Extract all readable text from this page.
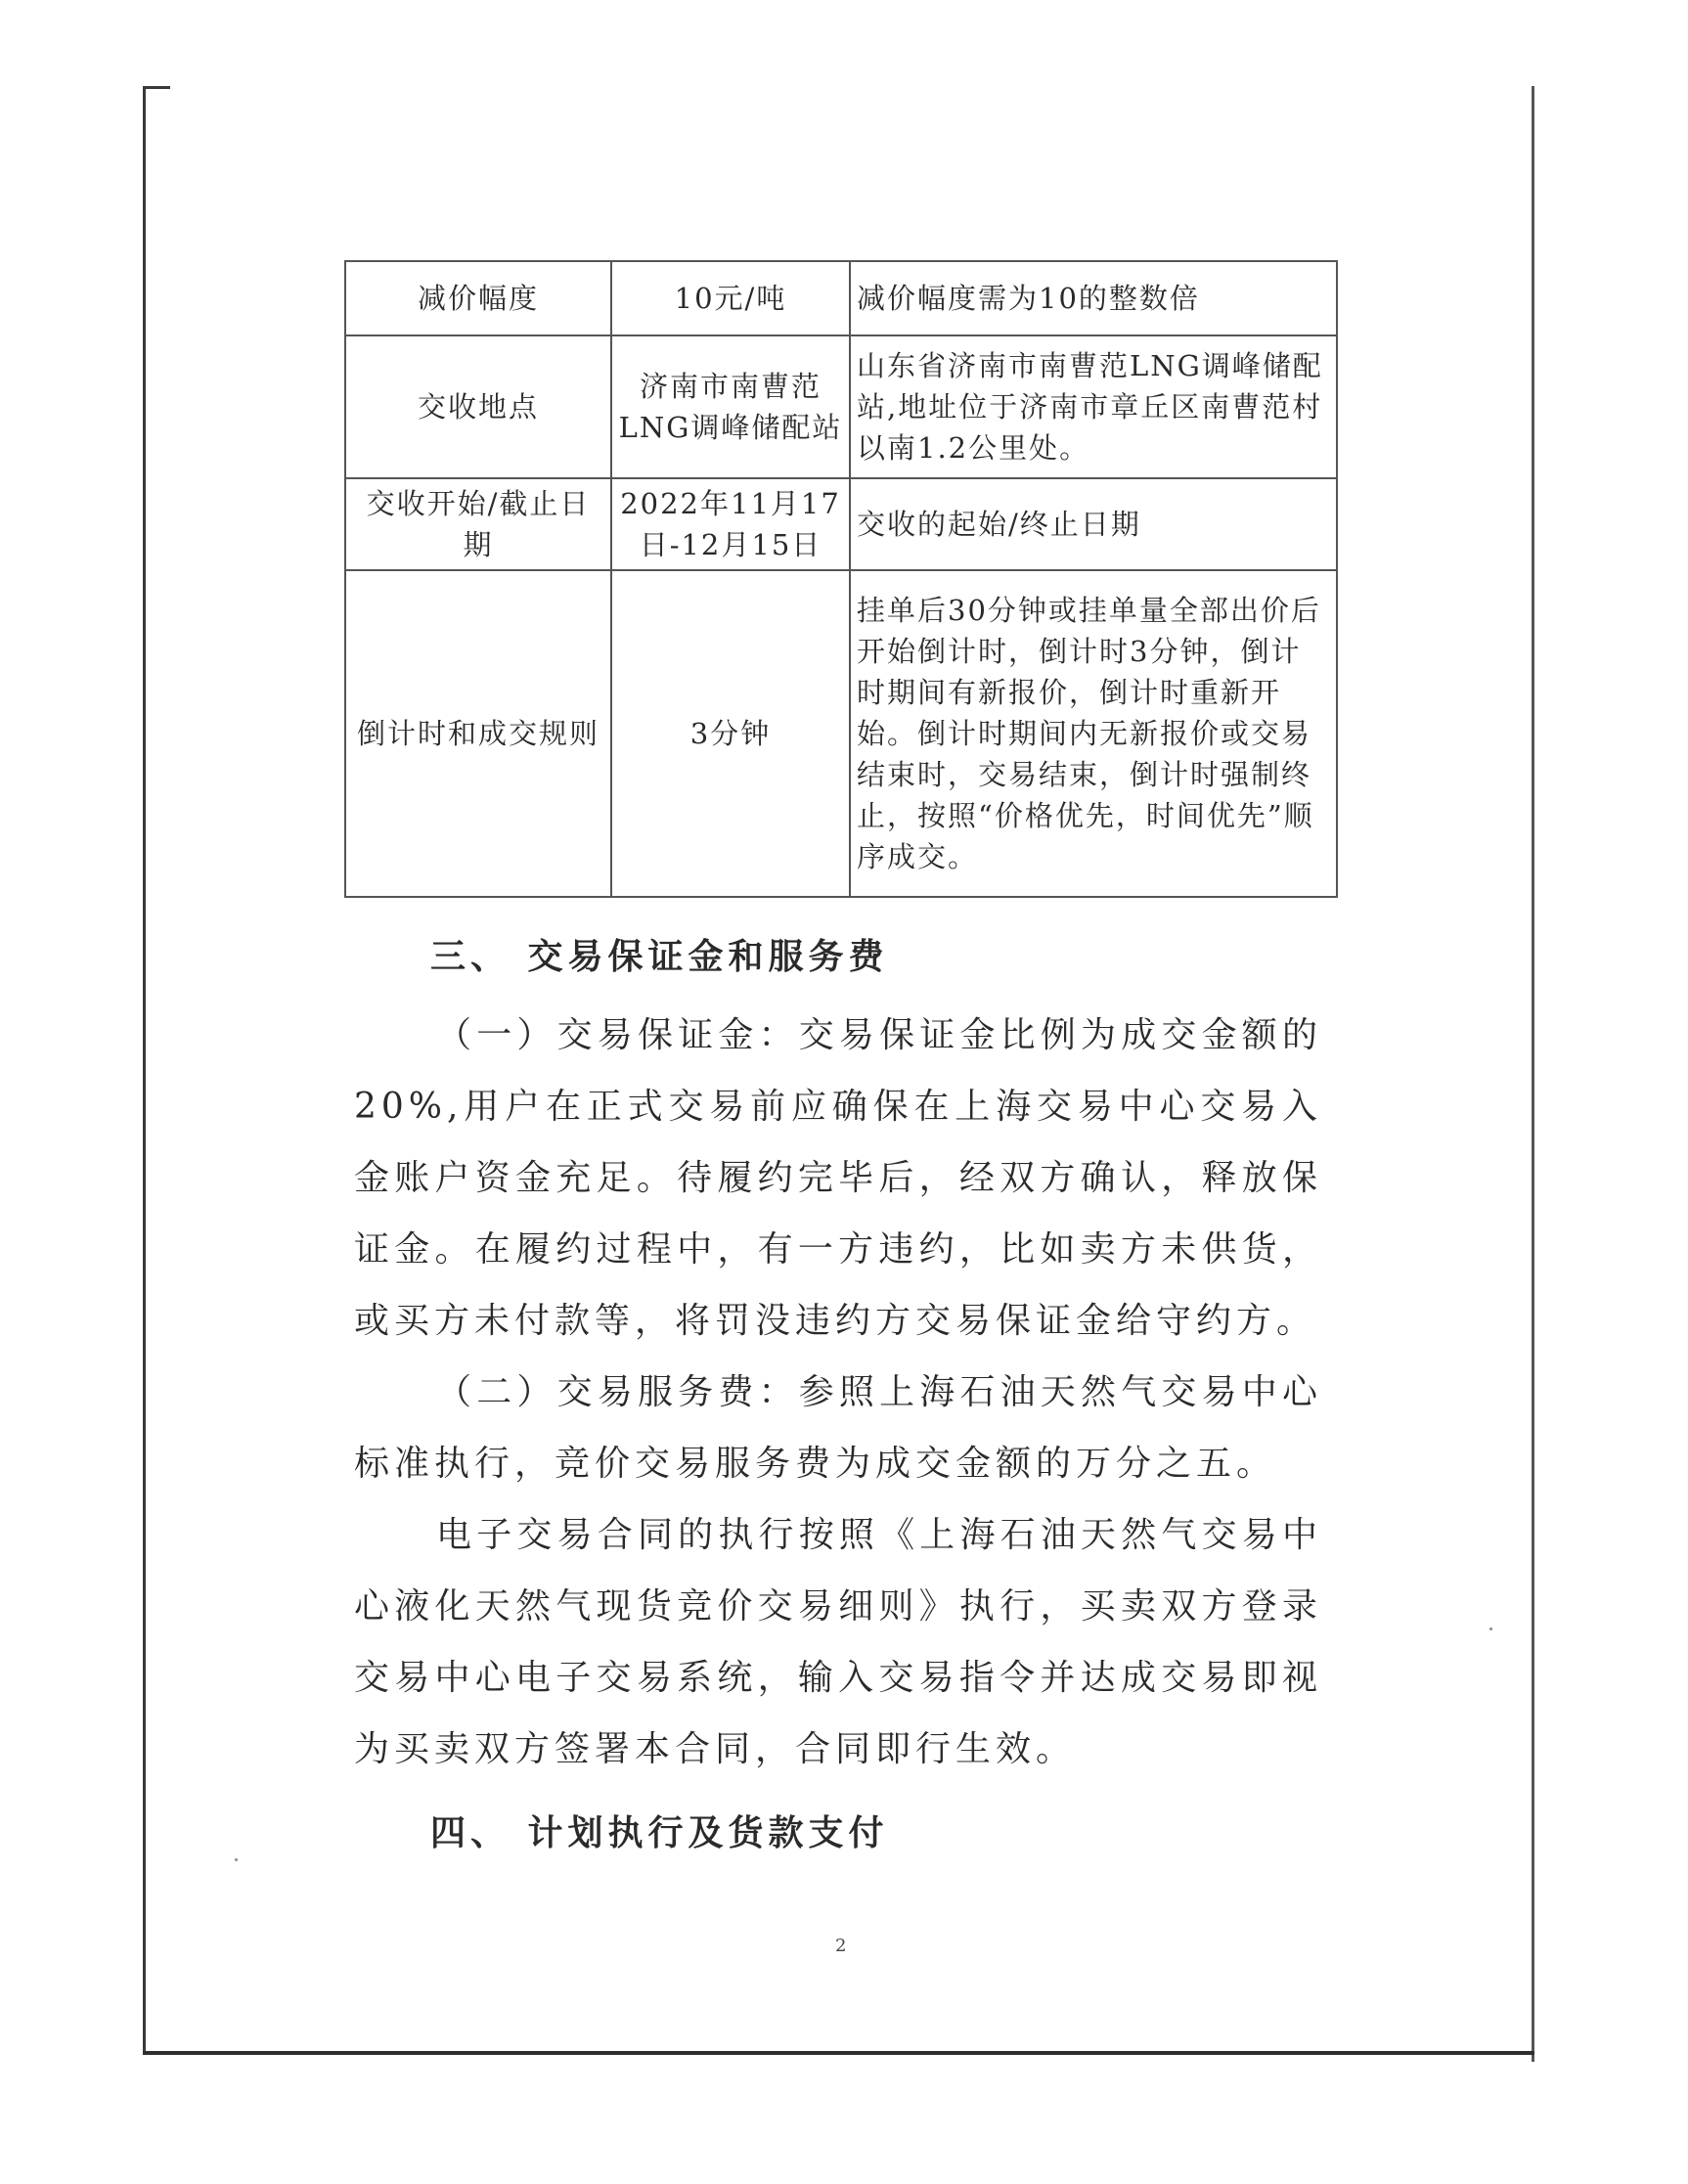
减价幅度	10元/吨	减价幅度需为10的整数倍
交收地点	济南市南曹范LNG调峰储配站	山东省济南市南曹范LNG调峰储配站,地址位于济南市章丘区南曹范村以南1.2公里处。
交收开始/截止日期	2022年11月17日-12月15日	交收的起始/终止日期
倒计时和成交规则	3分钟	挂单后30分钟或挂单量全部出价后开始倒计时，倒计时3分钟，倒计时期间有新报价，倒计时重新开始。倒计时期间内无新报价或交易结束时，交易结束，倒计时强制终止，按照“价格优先，时间优先”顺序成交。

三、 交易保证金和服务费

（一）交易保证金：交易保证金比例为成交金额的20%,用户在正式交易前应确保在上海交易中心交易入金账户资金充足。待履约完毕后，经双方确认，释放保证金。在履约过程中，有一方违约，比如卖方未供货，或买方未付款等，将罚没违约方交易保证金给守约方。

（二）交易服务费：参照上海石油天然气交易中心标准执行，竞价交易服务费为成交金额的万分之五。

电子交易合同的执行按照《上海石油天然气交易中心液化天然气现货竞价交易细则》执行，买卖双方登录交易中心电子交易系统，输入交易指令并达成交易即视为买卖双方签署本合同，合同即行生效。

四、 计划执行及货款支付

2
